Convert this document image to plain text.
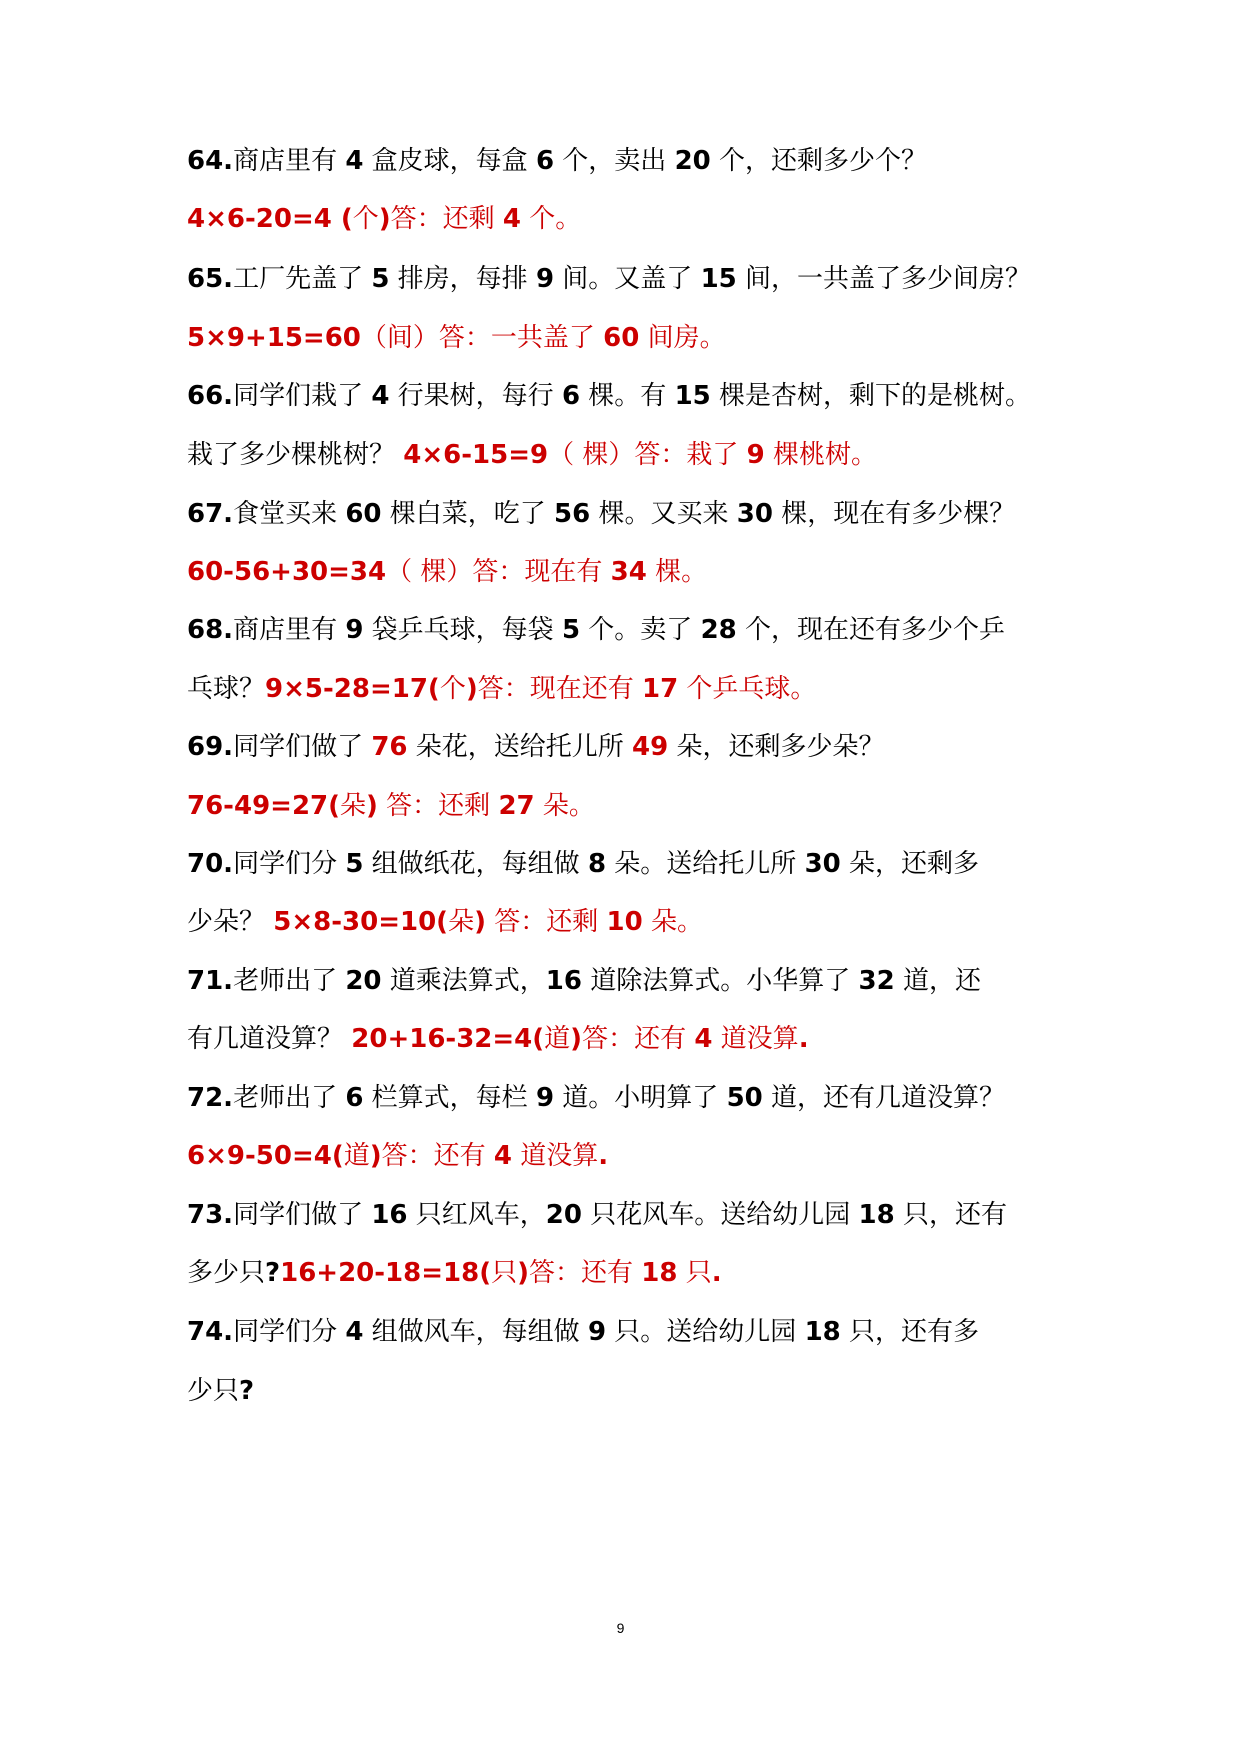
64.商店里有 4 盒皮球，每盒 6 个，卖出 20 个，还剩多少个？
4×6-20=4 (个)答：还剩 4 个。
65.工厂先盖了 5 排房，每排 9 间。又盖了 15 间，一共盖了多少间房？
5×9+15=60（间）答：一共盖了 60 间房。
66.同学们栽了 4 行果树，每行 6 棵。有 15 棵是杏树，剩下的是桃树。
栽了多少棵桃树？ 4×6-15=9（ 棵）答：栽了 9 棵桃树。
67.食堂买来 60 棵白菜，吃了 56 棵。又买来 30 棵，现在有多少棵？
60-56+30=34（ 棵）答：现在有 34 棵。
68.商店里有 9 袋乒乓球，每袋 5 个。卖了 28 个，现在还有多少个乒
乓球？9×5-28=17(个)答：现在还有 17 个乒乓球。
69.同学们做了 76 朵花，送给托儿所 49 朵，还剩多少朵？
76-49=27(朵) 答：还剩 27 朵。
70.同学们分 5 组做纸花，每组做 8 朵。送给托儿所 30 朵，还剩多
少朵？ 5×8-30=10(朵) 答：还剩 10 朵。
71.老师出了 20 道乘法算式，16 道除法算式。小华算了 32 道，还
有几道没算？ 20+16-32=4(道)答：还有 4 道没算.
72.老师出了 6 栏算式，每栏 9 道。小明算了 50 道，还有几道没算？
6×9-50=4(道)答：还有 4 道没算.
73.同学们做了 16 只红风车，20 只花风车。送给幼儿园 18 只，还有
多少只?16+20-18=18(只)答：还有 18 只.
74.同学们分 4 组做风车，每组做 9 只。送给幼儿园 18 只，还有多
少只?
9
